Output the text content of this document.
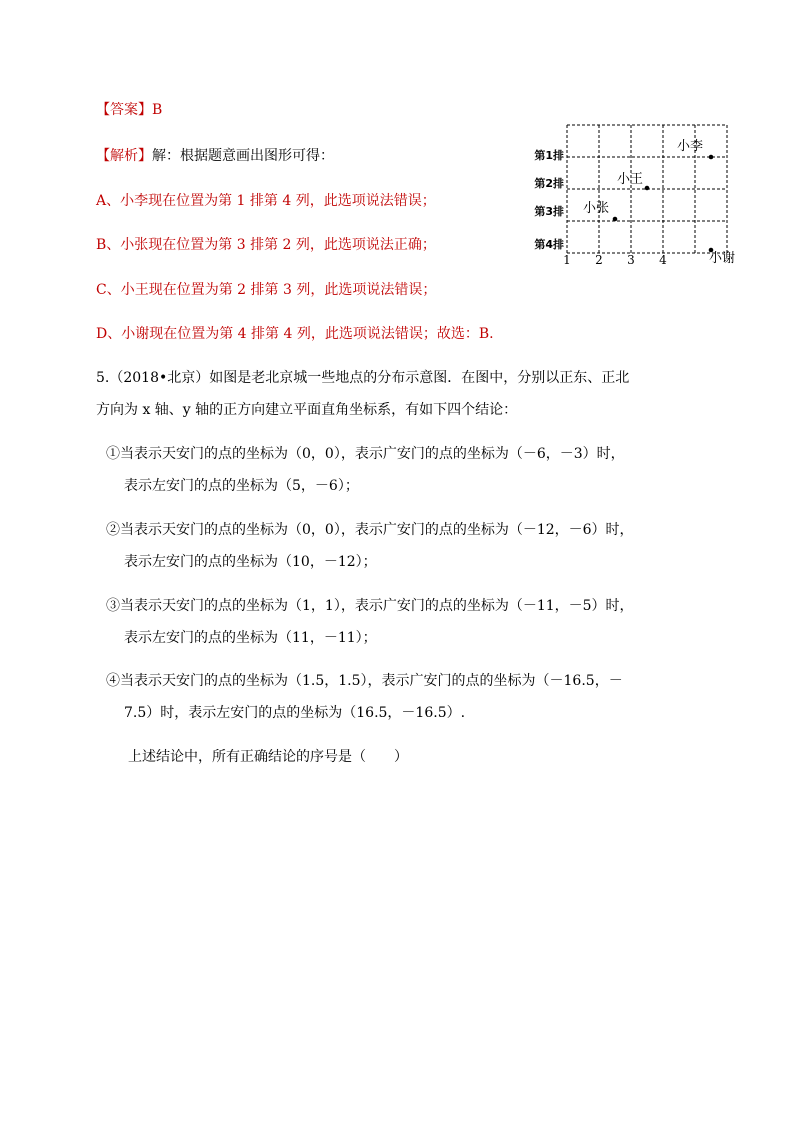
【答案】B
【解析】解：根据题意画出图形可得：
A、小李现在位置为第 1 排第 4 列，此选项说法错误；
B、小张现在位置为第 3 排第 2 列，此选项说法正确；
C、小王现在位置为第 2 排第 3 列，此选项说法错误；
D、小谢现在位置为第 4 排第 4 列，此选项说法错误；故选：B.
第1排
第2排
第3排
第4排
1 2 3 4
小李
小王
小张
小谢
5.（2018•北京）如图是老北京城一些地点的分布示意图．在图中，分别以正东、正北
方向为 x 轴、y 轴的正方向建立平面直角坐标系，有如下四个结论：
①当表示天安门的点的坐标为（0，0），表示广安门的点的坐标为（－6，－3）时，
表示左安门的点的坐标为（5，－6）；
②当表示天安门的点的坐标为（0，0），表示广安门的点的坐标为（－12，－6）时，
表示左安门的点的坐标为（10，－12）；
③当表示天安门的点的坐标为（1，1），表示广安门的点的坐标为（－11，－5）时，
表示左安门的点的坐标为（11，－11）；
④当表示天安门的点的坐标为（1.5，1.5），表示广安门的点的坐标为（－16.5，－
7.5）时，表示左安门的点的坐标为（16.5，－16.5）.
上述结论中，所有正确结论的序号是（　　）
